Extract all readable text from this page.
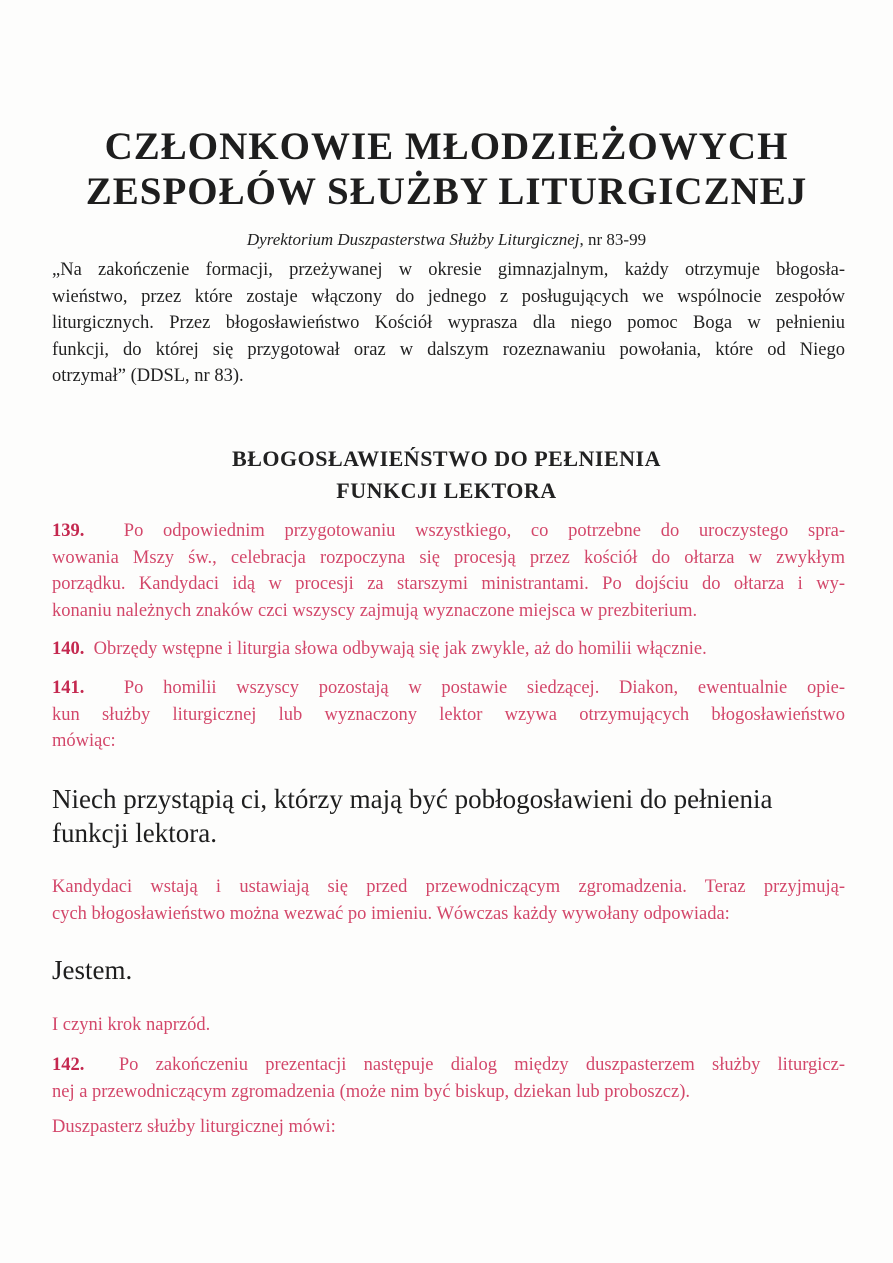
CZŁONKOWIE MŁODZIEŻOWYCH
ZESPOŁÓW SŁUŻBY LITURGICZNEJ
Dyrektorium Duszpasterstwa Służby Liturgicznej, nr 83-99
„Na zakończenie formacji, przeżywanej w okresie gimnazjalnym, każdy otrzymuje błogosła-
wieństwo, przez które zostaje włączony do jednego z posługujących we wspólnocie zespołów
liturgicznych. Przez błogosławieństwo Kościół wyprasza dla niego pomoc Boga w pełnieniu
funkcji, do której się przygotował oraz w dalszym rozeznawaniu powołania, które od Niego
otrzymał” (DDSL, nr 83).
BŁOGOSŁAWIEŃSTWO DO PEŁNIENIA
FUNKCJI LEKTORA
139. Po odpowiednim przygotowaniu wszystkiego, co potrzebne do uroczystego spra-
wowania Mszy św., celebracja rozpoczyna się procesją przez kościół do ołtarza w zwykłym
porządku. Kandydaci idą w procesji za starszymi ministrantami. Po dojściu do ołtarza i wy-
konaniu należnych znaków czci wszyscy zajmują wyznaczone miejsca w prezbiterium.
140. Obrzędy wstępne i liturgia słowa odbywają się jak zwykle, aż do homilii włącznie.
141. Po homilii wszyscy pozostają w postawie siedzącej. Diakon, ewentualnie opie-
kun służby liturgicznej lub wyznaczony lektor wzywa otrzymujących błogosławieństwo
mówiąc:
Niech przystąpią ci, którzy mają być pobłogosławieni do pełnienia
funkcji lektora.
Kandydaci wstają i ustawiają się przed przewodniczącym zgromadzenia. Teraz przyjmują-
cych błogosławieństwo można wezwać po imieniu. Wówczas każdy wywołany odpowiada:
Jestem.
I czyni krok naprzód.
142. Po zakończeniu prezentacji następuje dialog między duszpasterzem służby liturgicz-
nej a przewodniczącym zgromadzenia (może nim być biskup, dziekan lub proboszcz).
Duszpasterz służby liturgicznej mówi:
